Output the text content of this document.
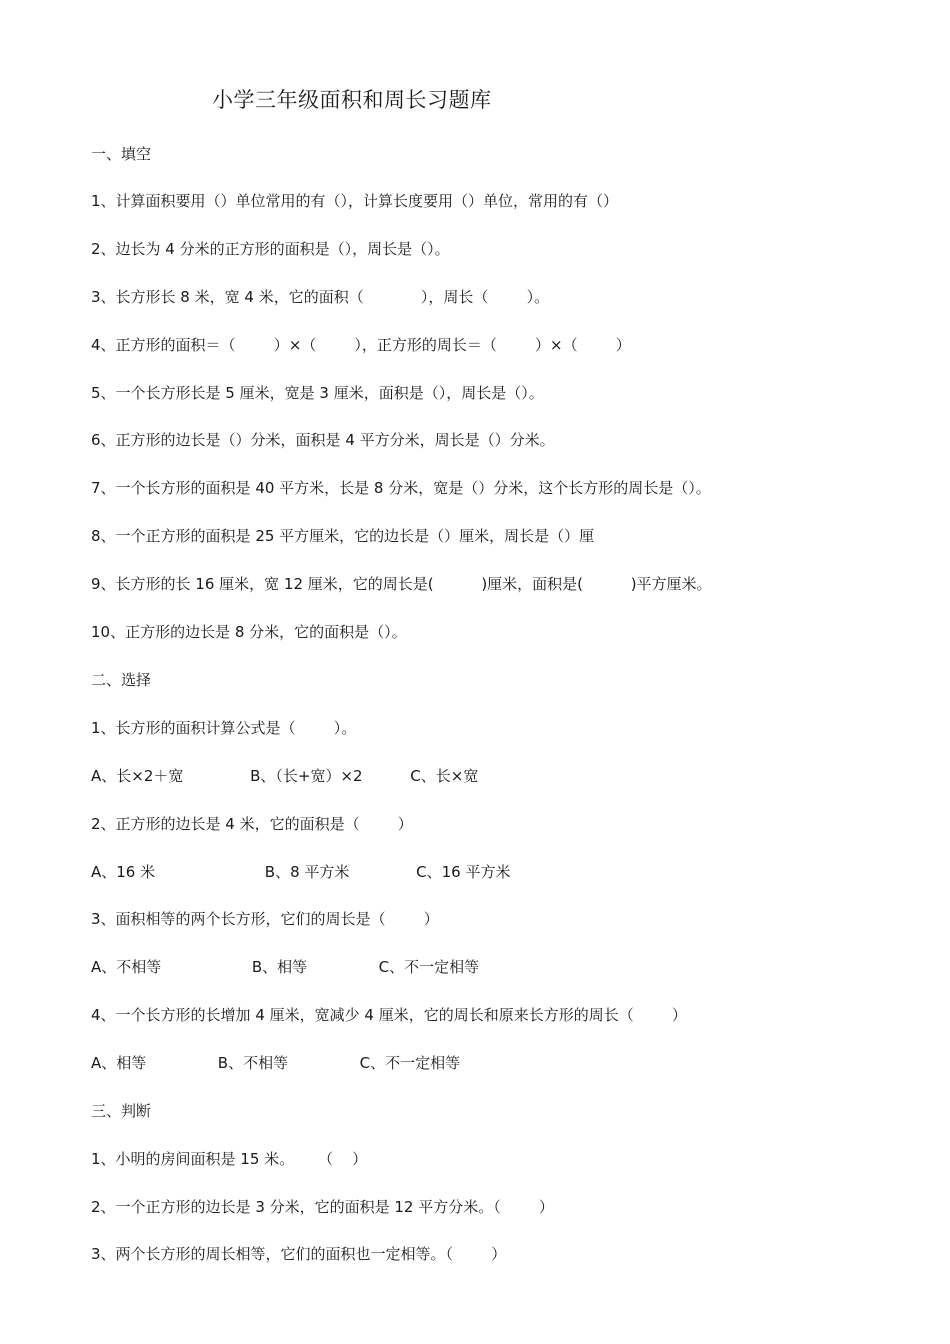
小学三年级面积和周长习题库
一、填空
1、计算面积要用（）单位常用的有（），计算长度要用（）单位，常用的有（）
2、边长为 4 分米的正方形的面积是（），周长是（）。
3、长方形长 8 米，宽 4 米，它的面积（            ），周长（        ）。
4、正方形的面积＝（        ）×（        ），正方形的周长＝（        ）×（        ）
5、一个长方形长是 5 厘米，宽是 3 厘米，面积是（），周长是（）。
6、正方形的边长是（）分米，面积是 4 平方分米，周长是（）分米。
7、一个长方形的面积是 40 平方米，长是 8 分米，宽是（）分米，这个长方形的周长是（）。
8、一个正方形的面积是 25 平方厘米，它的边长是（）厘米，周长是（）厘
9、长方形的长 16 厘米，宽 12 厘米，它的周长是(          )厘米，面积是(          )平方厘米。
10、正方形的边长是 8 分米，它的面积是（）。
二、选择
1、长方形的面积计算公式是（        ）。
A、长×2＋宽              B、（长+宽）×2          C、长×宽
2、正方形的边长是 4 米，它的面积是（        ）
A、16 米                       B、8 平方米              C、16 平方米
3、面积相等的两个长方形，它们的周长是（        ）
A、不相等                   B、相等               C、不一定相等
4、一个长方形的长增加 4 厘米，宽减少 4 厘米，它的周长和原来长方形的周长（        ）
A、相等               B、不相等               C、不一定相等
三、判断
1、小明的房间面积是 15 米。     （    ）
2、一个正方形的边长是 3 分米，它的面积是 12 平方分米。（        ）
3、两个长方形的周长相等，它们的面积也一定相等。（        ）
